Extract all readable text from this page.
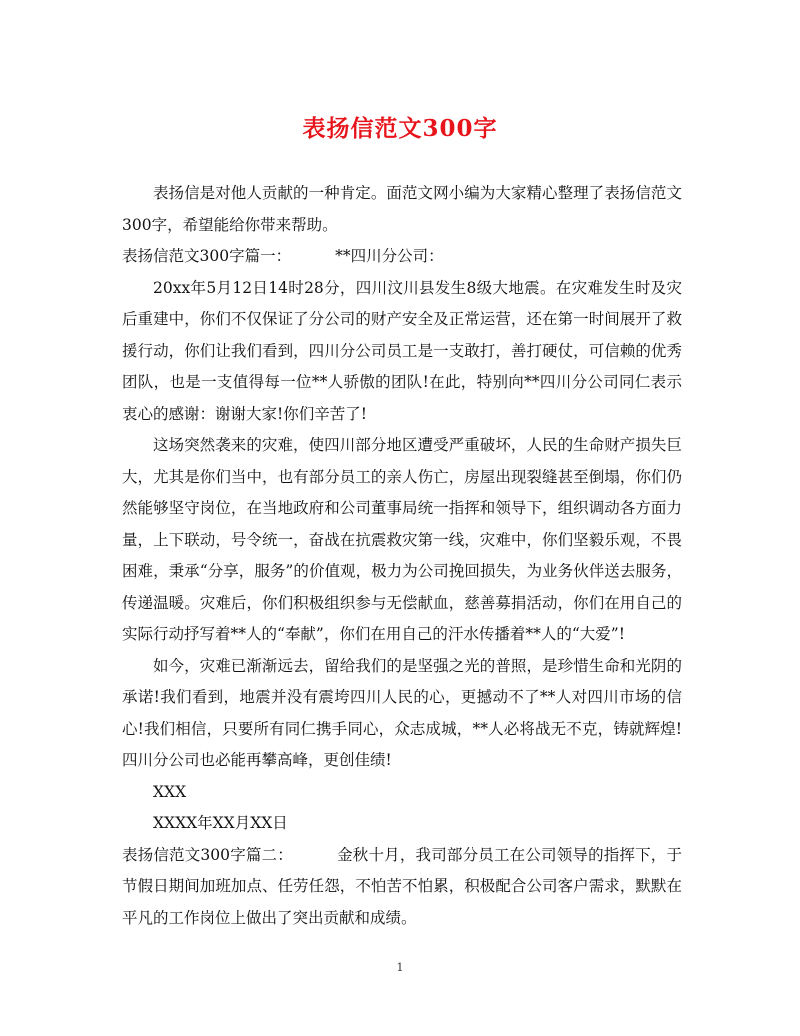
表扬信范文300字

表扬信是对他人贡献的一种肯定。面范文网小编为大家精心整理了表扬信范文300字，希望能给你带来帮助。

表扬信范文300字篇一：	**四川分公司：

20xx年5月12日14时28分，四川汶川县发生8级大地震。在灾难发生时及灾后重建中，你们不仅保证了分公司的财产安全及正常运营，还在第一时间展开了救援行动，你们让我们看到，四川分公司员工是一支敢打，善打硬仗，可信赖的优秀团队，也是一支值得每一位**人骄傲的团队!在此，特别向**四川分公司同仁表示衷心的感谢：谢谢大家!你们辛苦了!

这场突然袭来的灾难，使四川部分地区遭受严重破坏，人民的生命财产损失巨大，尤其是你们当中，也有部分员工的亲人伤亡，房屋出现裂缝甚至倒塌，你们仍然能够坚守岗位，在当地政府和公司董事局统一指挥和领导下，组织调动各方面力量，上下联动，号令统一，奋战在抗震救灾第一线，灾难中，你们坚毅乐观，不畏困难，秉承“分享，服务”的价值观，极力为公司挽回损失，为业务伙伴送去服务，传递温暖。灾难后，你们积极组织参与无偿献血，慈善募捐活动，你们在用自己的实际行动抒写着**人的“奉献”，你们在用自己的汗水传播着**人的“大爱”!

如今，灾难已渐渐远去，留给我们的是坚强之光的普照，是珍惜生命和光阴的承诺!我们看到，地震并没有震垮四川人民的心，更撼动不了**人对四川市场的信心!我们相信，只要所有同仁携手同心，众志成城，**人必将战无不克，铸就辉煌!四川分公司也必能再攀高峰，更创佳绩!

XXX

XXXX年XX月XX日

表扬信范文300字篇二：	金秋十月，我司部分员工在公司领导的指挥下，于节假日期间加班加点、任劳任怨，不怕苦不怕累，积极配合公司客户需求，默默在平凡的工作岗位上做出了突出贡献和成绩。

1
